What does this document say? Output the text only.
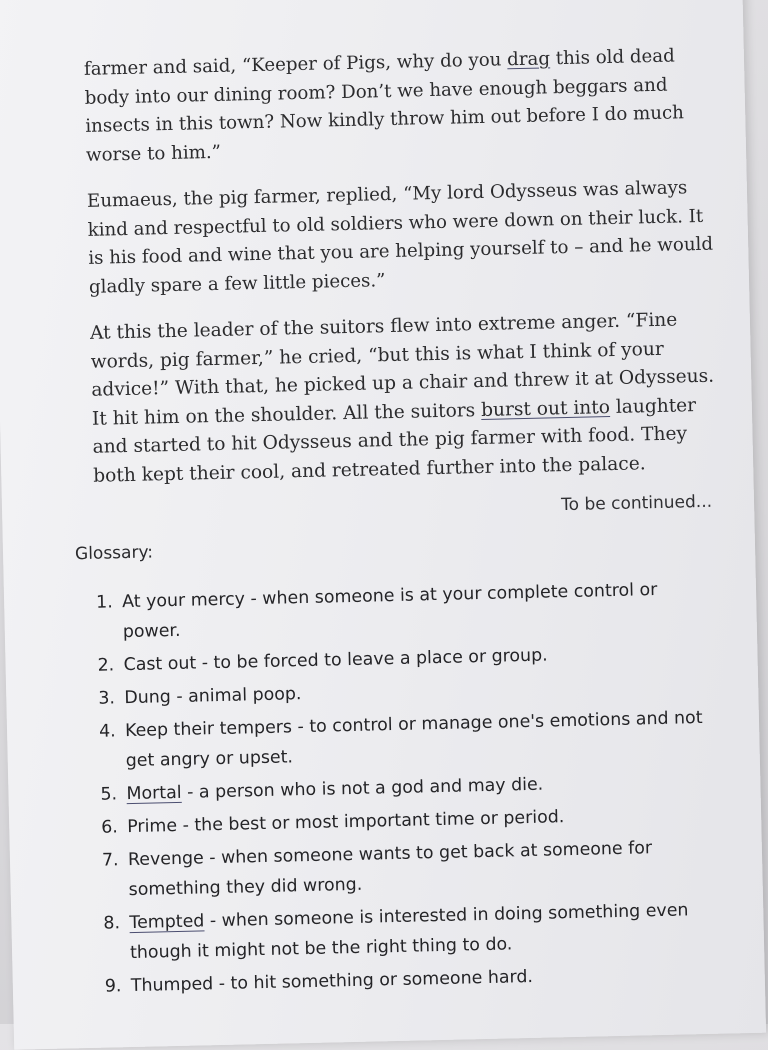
farmer and said, “Keeper of Pigs, why do you drag this old dead body into our dining room? Don’t we have enough beggars and insects in this town? Now kindly throw him out before I do much worse to him.”

Eumaeus, the pig farmer, replied, “My lord Odysseus was always kind and respectful to old soldiers who were down on their luck. It is his food and wine that you are helping yourself to – and he would gladly spare a few little pieces.”

At this the leader of the suitors flew into extreme anger. “Fine words, pig farmer,” he cried, “but this is what I think of your advice!” With that, he picked up a chair and threw it at Odysseus. It hit him on the shoulder. All the suitors burst out into laughter and started to hit Odysseus and the pig farmer with food. They both kept their cool, and retreated further into the palace.

To be continued...
Glossary:
1. At your mercy - when someone is at your complete control or power.
2. Cast out - to be forced to leave a place or group.
3. Dung - animal poop.
4. Keep their tempers - to control or manage one's emotions and not get angry or upset.
5. Mortal - a person who is not a god and may die.
6. Prime - the best or most important time or period.
7. Revenge - when someone wants to get back at someone for something they did wrong.
8. Tempted - when someone is interested in doing something even though it might not be the right thing to do.
9. Thumped - to hit something or someone hard.
